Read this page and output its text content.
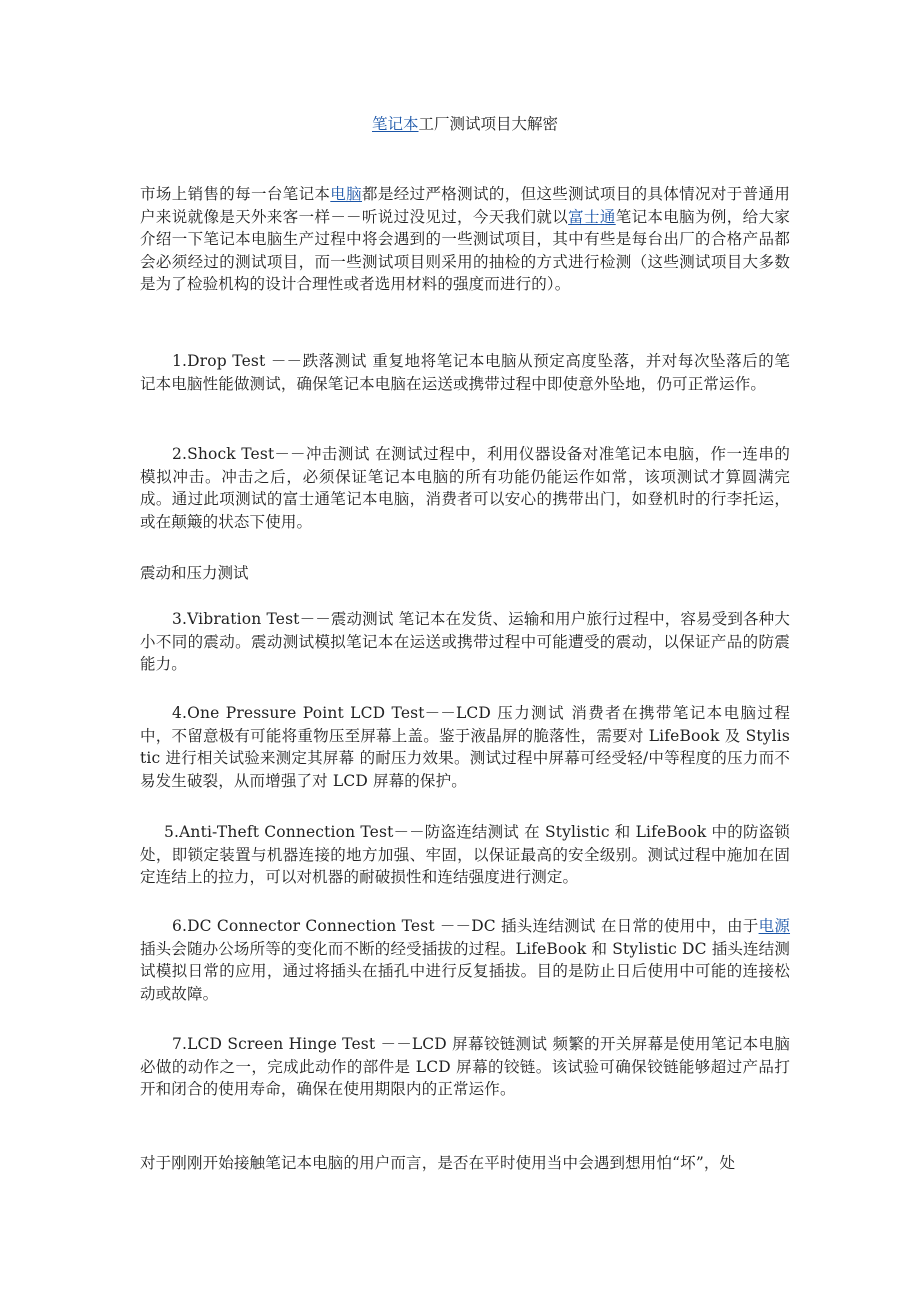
笔记本工厂测试项目大解密

市场上销售的每一台笔记本电脑都是经过严格测试的，但这些测试项目的具体情况对于普通用户来说就像是天外来客一样－－听说过没见过，今天我们就以富士通笔记本电脑为例，给大家介绍一下笔记本电脑生产过程中将会遇到的一些测试项目，其中有些是每台出厂的合格产品都会必须经过的测试项目，而一些测试项目则采用的抽检的方式进行检测（这些测试项目大多数是为了检验机构的设计合理性或者选用材料的强度而进行的）。

1.Drop Test －－跌落测试 重复地将笔记本电脑从预定高度坠落，并对每次坠落后的笔记本电脑性能做测试，确保笔记本电脑在运送或携带过程中即使意外坠地，仍可正常运作。

2.Shock Test－－冲击测试 在测试过程中，利用仪器设备对准笔记本电脑，作一连串的模拟冲击。冲击之后，必须保证笔记本电脑的所有功能仍能运作如常，该项测试才算圆满完成。通过此项测试的富士通笔记本电脑，消费者可以安心的携带出门，如登机时的行李托运，或在颠簸的状态下使用。

震动和压力测试

3.Vibration Test－－震动测试 笔记本在发货、运输和用户旅行过程中，容易受到各种大小不同的震动。震动测试模拟笔记本在运送或携带过程中可能遭受的震动，以保证产品的防震能力。

4.One Pressure Point LCD Test－－LCD 压力测试 消费者在携带笔记本电脑过程中，不留意极有可能将重物压至屏幕上盖。鉴于液晶屏的脆落性，需要对 LifeBook 及 Stylistic 进行相关试验来测定其屏幕 的耐压力效果。测试过程中屏幕可经受轻/中等程度的压力而不易发生破裂，从而增强了对 LCD 屏幕的保护。

5.Anti-Theft Connection Test－－防盗连结测试 在 Stylistic 和 LifeBook 中的防盗锁处，即锁定装置与机器连接的地方加强、牢固，以保证最高的安全级别。测试过程中施加在固定连结上的拉力，可以对机器的耐破损性和连结强度进行测定。

6.DC Connector Connection Test －－DC 插头连结测试 在日常的使用中，由于电源插头会随办公场所等的变化而不断的经受插拔的过程。LifeBook 和 Stylistic DC 插头连结测试模拟日常的应用，通过将插头在插孔中进行反复插拔。目的是防止日后使用中可能的连接松动或故障。

7.LCD Screen Hinge Test －－LCD 屏幕铰链测试 频繁的开关屏幕是使用笔记本电脑必做的动作之一，完成此动作的部件是 LCD 屏幕的铰链。该试验可确保铰链能够超过产品打开和闭合的使用寿命，确保在使用期限内的正常运作。

对于刚刚开始接触笔记本电脑的用户而言，是否在平时使用当中会遇到想用怕“坏”，处
